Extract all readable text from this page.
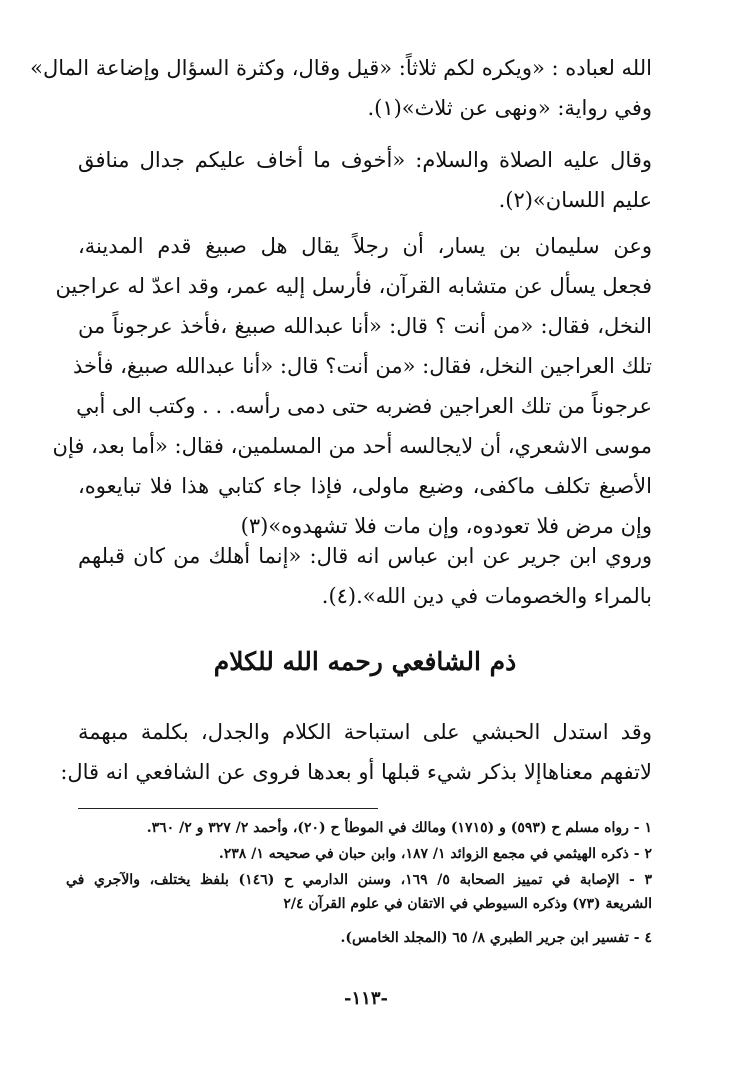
الله لعباده : «ويكره لكم ثلاثاً: «قيل وقال، وكثرة السؤال وإضاعة المال»
وفي رواية: «ونهى عن ثلاث»(١).
وقال عليه الصلاة والسلام: «أخوف ما أخاف عليكم جدال منافق
عليم اللسان»(٢).
وعن سليمان بن يسار، أن رجلاً يقال هل صبيغ قدم المدينة،
فجعل يسأل عن متشابه القرآن، فأرسل إليه عمر، وقد اعدّ له عراجين
النخل، فقال: «من أنت ؟ قال: «أنا عبدالله صبيغ ،فأخذ عرجوناً من
تلك العراجين النخل، فقال: «من أنت؟ قال: «أنا عبدالله صبيغ، فأخذ
عرجوناً من تلك العراجين فضربه حتى دمى رأسه. . . وكتب الى أبي
موسى الاشعري، أن لايجالسه أحد من المسلمين، فقال: «أما بعد، فإن
الأصبغ تكلف ماكفى، وضيع ماولى، فإذا جاء كتابي هذا فلا تبايعوه،
وإن مرض فلا تعودوه، وإن مات فلا تشهدوه»(٣)
وروي ابن جرير عن ابن عباس انه قال: «إنما أهلك من كان قبلهم
بالمراء والخصومات في دين الله».(٤).
ذم الشافعي رحمه الله للكلام
وقد استدل الحبشي على استباحة الكلام والجدل، بكلمة مبهمة
لاتفهم معناهاإلا بذكر شيء قبلها أو بعدها فروى عن الشافعي انه قال:
١ - رواه مسلم ح (٥٩٣) و (١٧١٥) ومالك في الموطأ ح (٢٠)، وأحمد ٢/ ٣٢٧ و ٢/ ٣٦٠.
٢ - ذكره الهيثمي في مجمع الزوائد ١/ ١٨٧، وابن حبان في صحيحه ١/ ٢٣٨.
٣ - الإصابة في تمييز الصحابة ٥/ ١٦٩، وسنن الدارمي ح (١٤٦) بلفظ يختلف، والآجري في
الشريعة (٧٣) وذكره السيوطي في الاتقان في علوم القرآن ٢/٤
٤ - تفسير ابن جرير الطبري ٨/ ٦٥ (المجلد الخامس).
-١١٣-
